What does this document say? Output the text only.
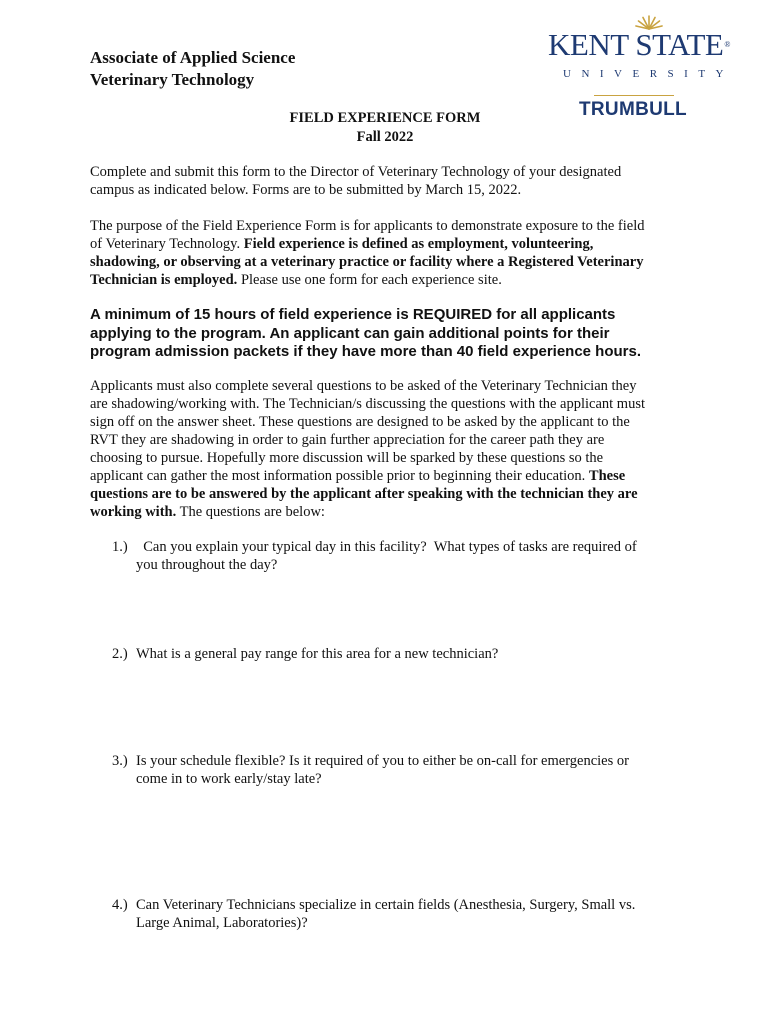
Associate of Applied Science
Veterinary Technology
KENT STATE®
UNIVERSITY
TRUMBULL
FIELD EXPERIENCE FORM
Fall 2022
Complete and submit this form to the Director of Veterinary Technology of your designated
campus as indicated below. Forms are to be submitted by March 15, 2022.
The purpose of the Field Experience Form is for applicants to demonstrate exposure to the field
of Veterinary Technology. Field experience is defined as employment, volunteering,
shadowing, or observing at a veterinary practice or facility where a Registered Veterinary
Technician is employed. Please use one form for each experience site.
A minimum of 15 hours of field experience is REQUIRED for all applicants
applying to the program. An applicant can gain additional points for their
program admission packets if they have more than 40 field experience hours.
Applicants must also complete several questions to be asked of the Veterinary Technician they
are shadowing/working with. The Technician/s discussing the questions with the applicant must
sign off on the answer sheet. These questions are designed to be asked by the applicant to the
RVT they are shadowing in order to gain further appreciation for the career path they are
choosing to pursue. Hopefully more discussion will be sparked by these questions so the
applicant can gather the most information possible prior to beginning their education. These
questions are to be answered by the applicant after speaking with the technician they are
working with. The questions are below:
1.) Can you explain your typical day in this facility?  What types of tasks are required of
you throughout the day?
2.) What is a general pay range for this area for a new technician?
3.) Is your schedule flexible? Is it required of you to either be on-call for emergencies or
come in to work early/stay late?
4.) Can Veterinary Technicians specialize in certain fields (Anesthesia, Surgery, Small vs.
Large Animal, Laboratories)?
